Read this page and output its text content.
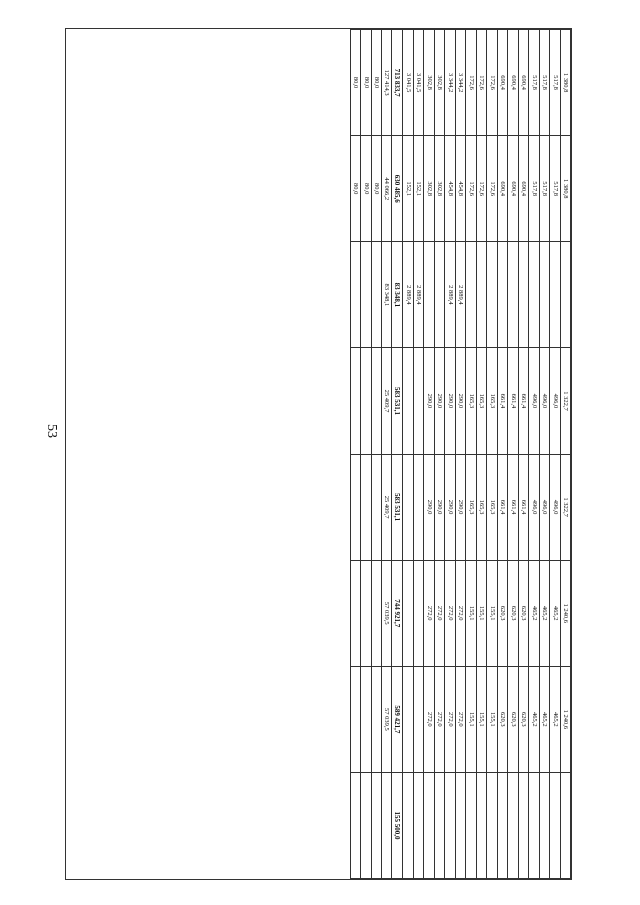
53
1 380,8	1 380,8		1 322,7	1 322,7	1 240,6	1 240,6	
517,8	517,8		496,0	496,0	465,2	465,2	
517,8	517,8		496,0	496,0	465,2	465,2	
517,8	517,8		496,0	496,0	465,2	465,2	
690,4	690,4		661,4	661,4	620,3	620,3	
690,4	690,4		661,4	661,4	620,3	620,3	
690,4	690,4		661,4	661,4	620,3	620,3	
172,6	172,6		165,3	165,3	155,1	155,1	
172,6	172,6		165,3	165,3	155,1	155,1	
172,6	172,6		165,3	165,3	155,1	155,1	
3 344,2	454,8	2 889,4	290,0	290,0	272,0	272,0	
3 344,2	454,8	2 889,4	290,0	290,0	272,0	272,0	
302,8	302,8		290,0	290,0	272,0	272,0	
302,8	302,8		290,0	290,0	272,0	272,0	
3 041,5	152,1	2 889,4					
3 041,5	152,1	2 889,4					
713 833,7	630 485,6	83 348,1	583 531,1	583 531,1	744 921,7	589 421,7	155 500,0
127 414,3	44 066,2	83 348,1	25 409,7	25 409,7	57 039,5	57 039,5	
80,0	80,0						
80,0	80,0						
80,0	80,0						
